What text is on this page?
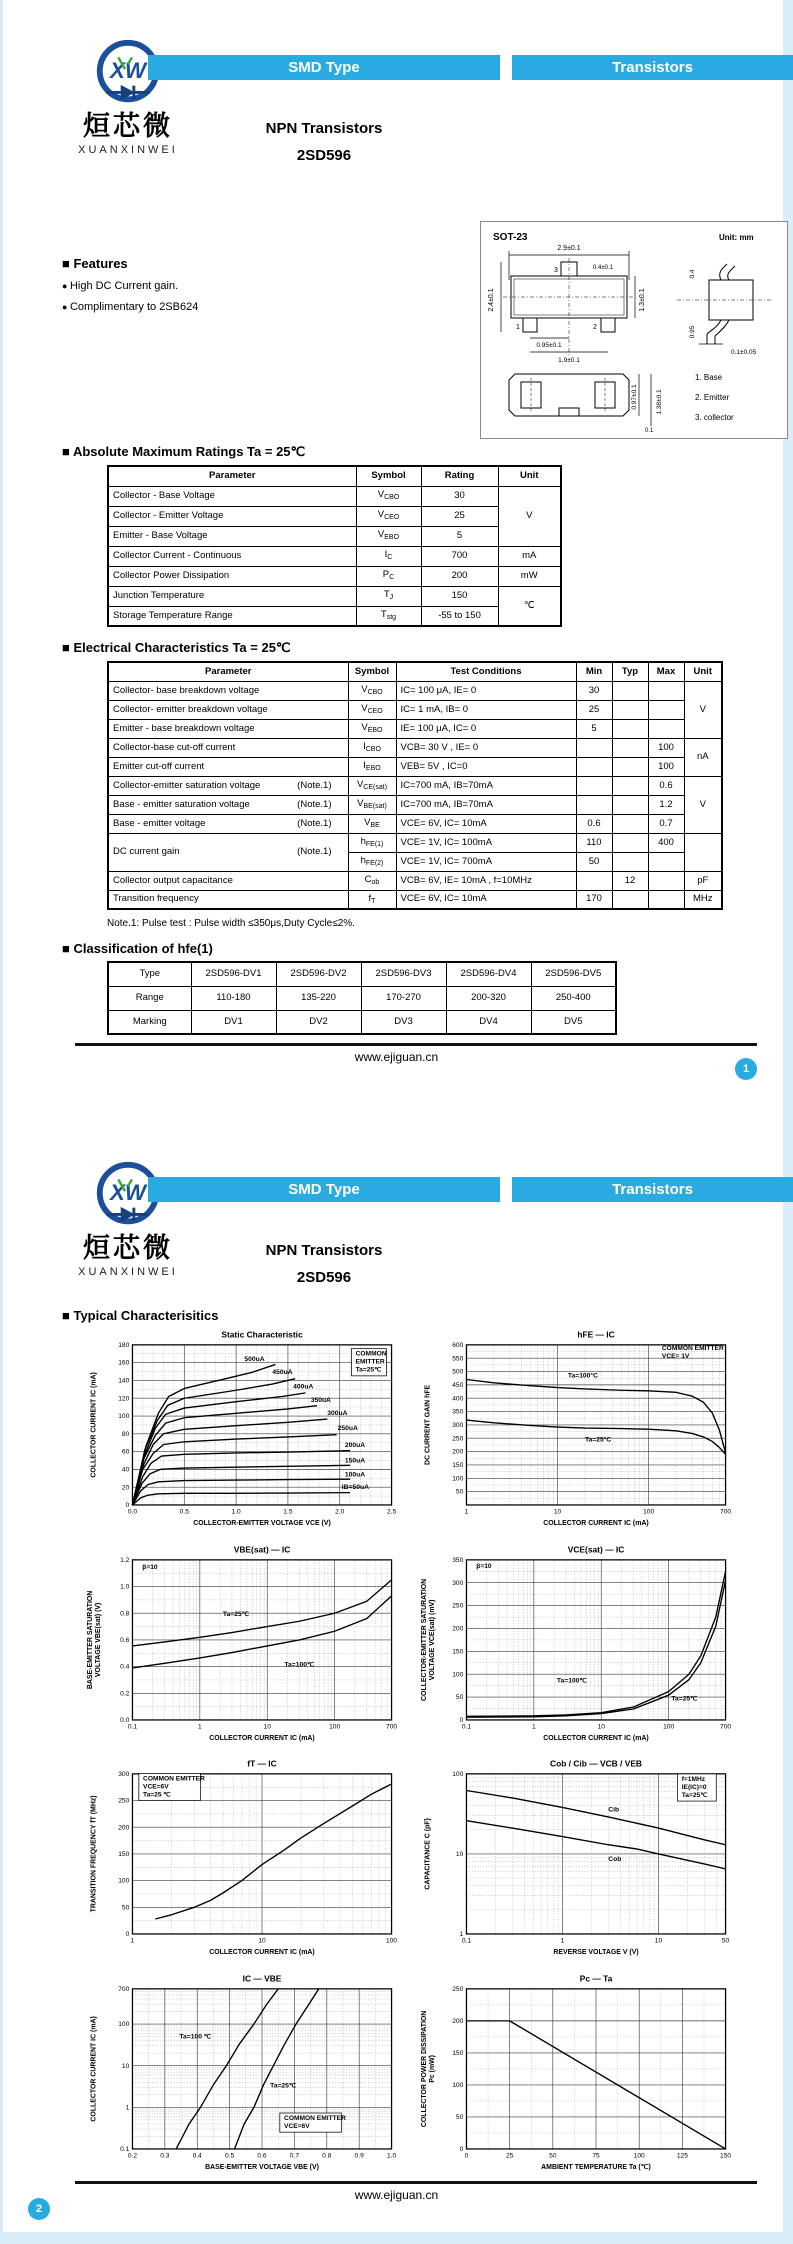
XW
烜芯微
XUANXINWEI
SMD Type	Transistors
NPN Transistors
2SD596
SOT-23	Unit: mm
2.9±0.1
0.4±0.1
2.4±0.1	1.3±0.1
0.95±0.1
1.9±0.1
3
1	2
0.4
0.95
0.1±0.05
0.97±0.1	1.38±0.1
0.1
1. Base
2. Emitter
3. collector
■ Features
● High DC Current gain.
● Complimentary to 2SB624
■ Absolute Maximum Ratings Ta = 25℃
Parameter	Symbol	Rating	Unit
Collector - Base Voltage	$V_{CBO}$	30	V
Collector - Emitter Voltage	$V_{CEO}$	25	
Emitter - Base Voltage	$V_{EBO}$	5	
Collector Current - Continuous	$I_C$	700	mA
Collector Power Dissipation	$P_C$	200	mW
Junction Temperature	$T_J$	150	℃
Storage Temperature Range	$T_{stg}$	-55 to 150	
■ Electrical Characteristics Ta = 25℃
Parameter	Symbol	Test Conditions	Min	Typ	Max	Unit
Collector- base breakdown voltage	$V_{CBO}$	IC= 100 μA, IE= 0	30			V
Collector- emitter breakdown voltage	$V_{CEO}$	IC= 1 mA, IB= 0	25			
Emitter - base breakdown voltage	$V_{EBO}$	IE= 100 μA, IC= 0	5			
Collector-base cut-off current	$I_{CBO}$	VCB= 30 V , IE= 0			100	nA
Emitter cut-off current	$I_{EBO}$	VEB= 5V , IC=0			100	
Collector-emitter saturation voltage (Note.1)	$V_{CE(sat)}$	IC=700 mA, IB=70mA			0.6	V
Base - emitter saturation voltage (Note.1)	$V_{BE(sat)}$	IC=700 mA, IB=70mA			1.2	
Base - emitter voltage (Note.1)	$V_{BE}$	VCE= 6V, IC= 10mA	0.6		0.7	
DC current gain (Note.1)	$h_{FE(1)}$	VCE= 1V, IC= 100mA	110		400	
	$h_{FE(2)}$	VCE= 1V, IC= 700mA	50			
Collector output capacitance	$C_{ob}$	VCB= 6V, IE= 10mA , f=10MHz		12		pF
Transition frequency	$f_T$	VCE= 6V, IC= 10mA	170			MHz
Note.1: Pulse test : Pulse width ≤350μs,Duty Cycle≤2%.
■ Classification of hfe(1)
Type	2SD596-DV1	2SD596-DV2	2SD596-DV3	2SD596-DV4	2SD596-DV5
Range	110-180	135-220	170-270	200-320	250-400
Marking	DV1	DV2	DV3	DV4	DV5
www.ejiguan.cn
1
XW
烜芯微
XUANXINWEI
SMD Type	Transistors
NPN Transistors
2SD596
■ Typical Characterisitics
0.0	0.5	1.0	1.5	2.0	2.5
0
20
40
60
80
100
120
140
160
180
COLLECTOR-EMITTER VOLTAGE VCE (V)
COLLECTOR CURRENT IC (mA)
IB=50uA
100uA
150uA
200uA
250uA
300uA
350uA
400uA
450uA
500uA
COMMON
EMITTER
Ta=25℃
Static Characteristic
1	10	100	700
50
100
150
200
250
300
350
400
450
500
550
600
COLLECTOR CURRENT IC (mA)
DC CURRENT GAIN hFE
Ta=100°C
Ta=25°C
COMMON EMITTER
VCE= 1V
hFE — IC
0.1	1	10	100	700
0.0
0.2
0.4
0.6
0.8
1.0
1.2
COLLECTOR CURRENT IC (mA)
BASE-EMITTER SATURATION VOLTAGE VBE(sat) (V)	Ta=25℃
Ta=100℃
β=10
VBE(sat) — IC
0.1	1	10	100	700
0
50
100
150
200
250
300
350
COLLECTOR CURRENT IC (mA)
COLLECTOR-EMITTER SATURATION VOLTAGE VCE(sat) (mV)
Ta=100℃
Ta=25℃
β=10
VCE(sat) — IC
1	10	100
0
50
100
150
200
250
300
COLLECTOR CURRENT IC (mA)
TRANSITION FREQUENCY fT (MHz)
COMMON EMITTER
VCE=6V
Ta=25 ℃
fT — IC
0.1	1	10	50
1
10
100
REVERSE VOLTAGE V (V)
CAPACITANCE C (pF)
Cib
Cob
f=1MHz
IE(IC)=0
Ta=25℃
Cob / Cib — VCB / VEB
0.2	0.3	0.4	0.5	0.6	0.7	0.8	0.9	1.0
0.1
1
10
100
700
BASE-EMITTER VOLTAGE VBE (V)
COLLECTOR CURRENT IC (mA)	Ta=100 ℃
Ta=25℃
COMMON EMITTER
VCE=6V
IC — VBE
0	25	50	75	100	125	150
0
50
100
150
200
250
AMBIENT TEMPERATURE Ta (℃)
COLLECTOR POWER DISSIPATION Pc (mW)
Pc — Ta
www.ejiguan.cn
2
